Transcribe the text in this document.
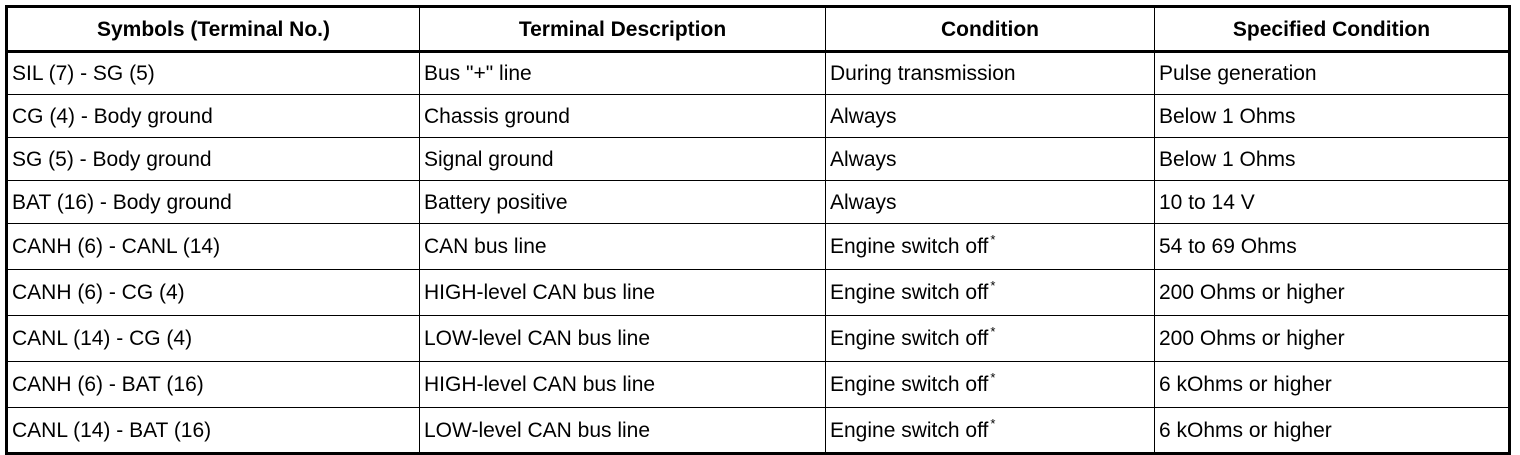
Symbols (Terminal No.)	Terminal Description	Condition	Specified Condition
SIL (7) - SG (5)	Bus "+" line	During transmission	Pulse generation
CG (4) - Body ground	Chassis ground	Always	Below 1 Ohms
SG (5) - Body ground	Signal ground	Always	Below 1 Ohms
BAT (16) - Body ground	Battery positive	Always	10 to 14 V
CANH (6) - CANL (14)	CAN bus line	Engine switch off *	54 to 69 Ohms
CANH (6) - CG (4)	HIGH-level CAN bus line	Engine switch off *	200 Ohms or higher
CANL (14) - CG (4)	LOW-level CAN bus line	Engine switch off *	200 Ohms or higher
CANH (6) - BAT (16)	HIGH-level CAN bus line	Engine switch off *	6 kOhms or higher
CANL (14) - BAT (16)	LOW-level CAN bus line	Engine switch off *	6 kOhms or higher
